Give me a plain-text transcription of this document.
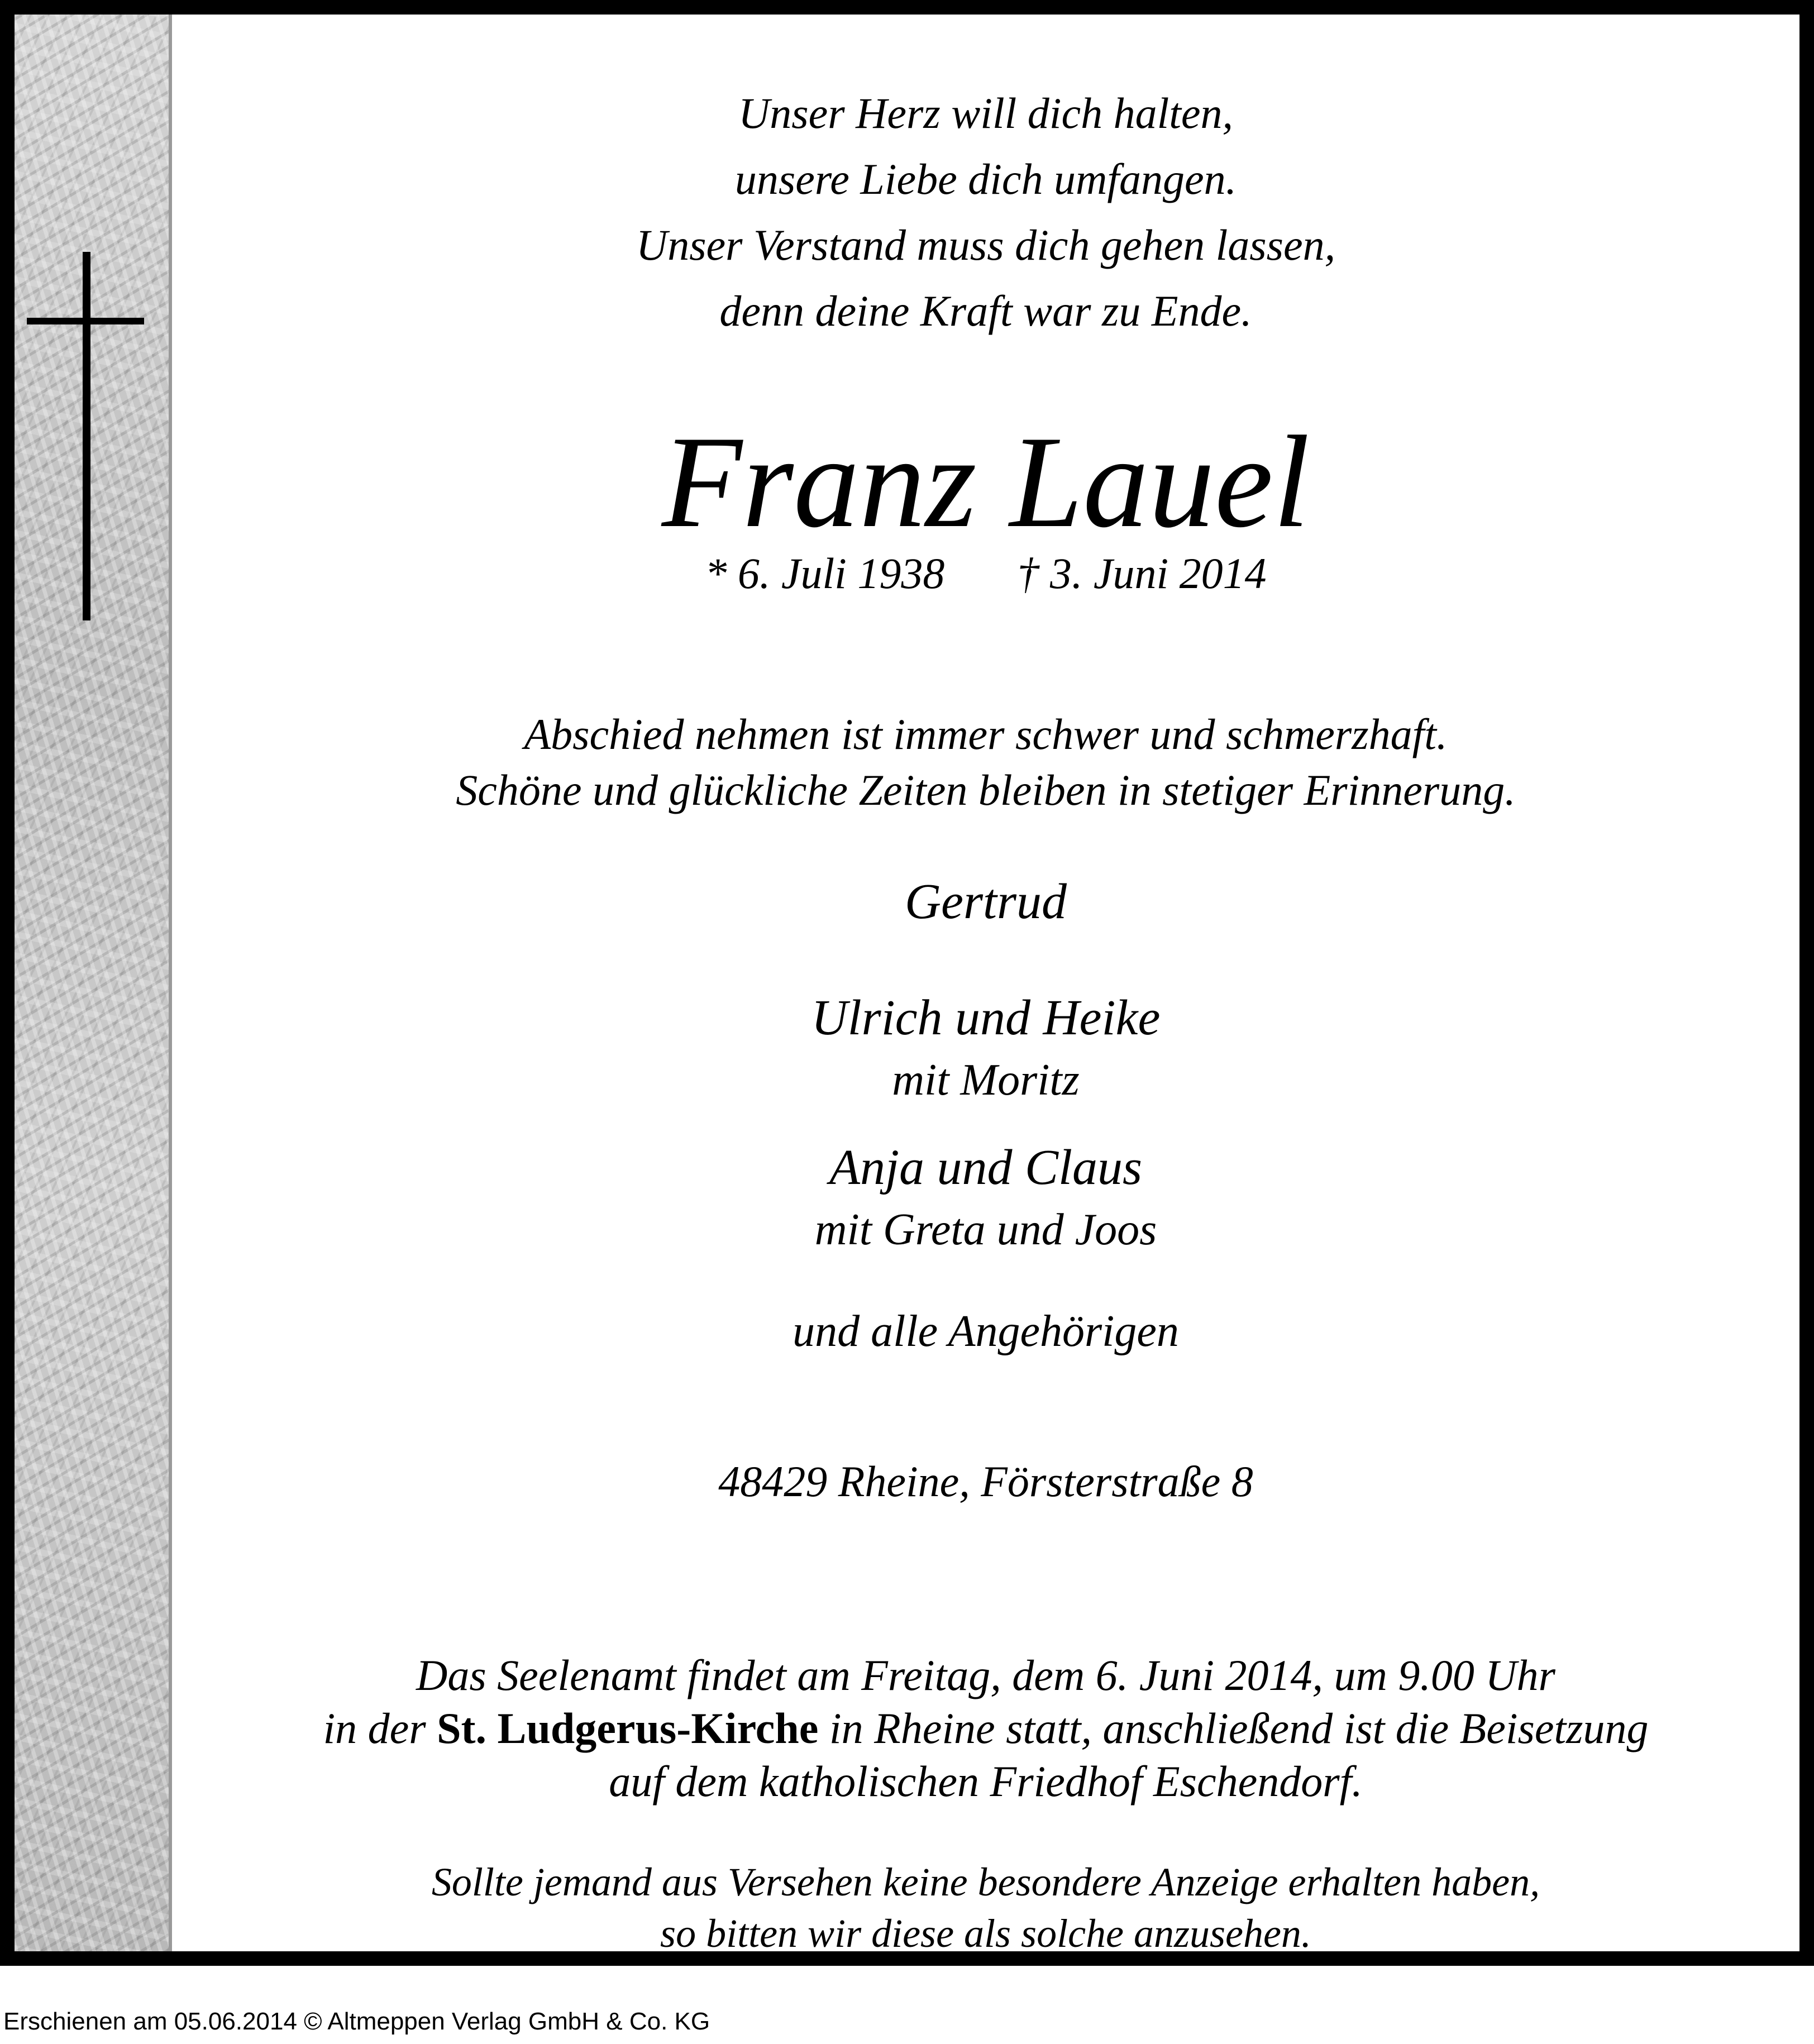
Unser Herz will dich halten,
unsere Liebe dich umfangen.
Unser Verstand muss dich gehen lassen,
denn deine Kraft war zu Ende.
Franz Lauel
* 6. Juli 1938 † 3. Juni 2014
Abschied nehmen ist immer schwer und schmerzhaft.
Schöne und glückliche Zeiten bleiben in stetiger Erinnerung.
Gertrud
Ulrich und Heike
mit Moritz
Anja und Claus
mit Greta und Joos
und alle Angehörigen
48429 Rheine, Försterstraße 8
Das Seelenamt findet am Freitag, dem 6. Juni 2014, um 9.00 Uhr
in der St. Ludgerus-Kirche in Rheine statt, anschließend ist die Beisetzung
auf dem katholischen Friedhof Eschendorf.
Sollte jemand aus Versehen keine besondere Anzeige erhalten haben,
so bitten wir diese als solche anzusehen.
Erschienen am 05.06.2014 © Altmeppen Verlag GmbH & Co. KG
